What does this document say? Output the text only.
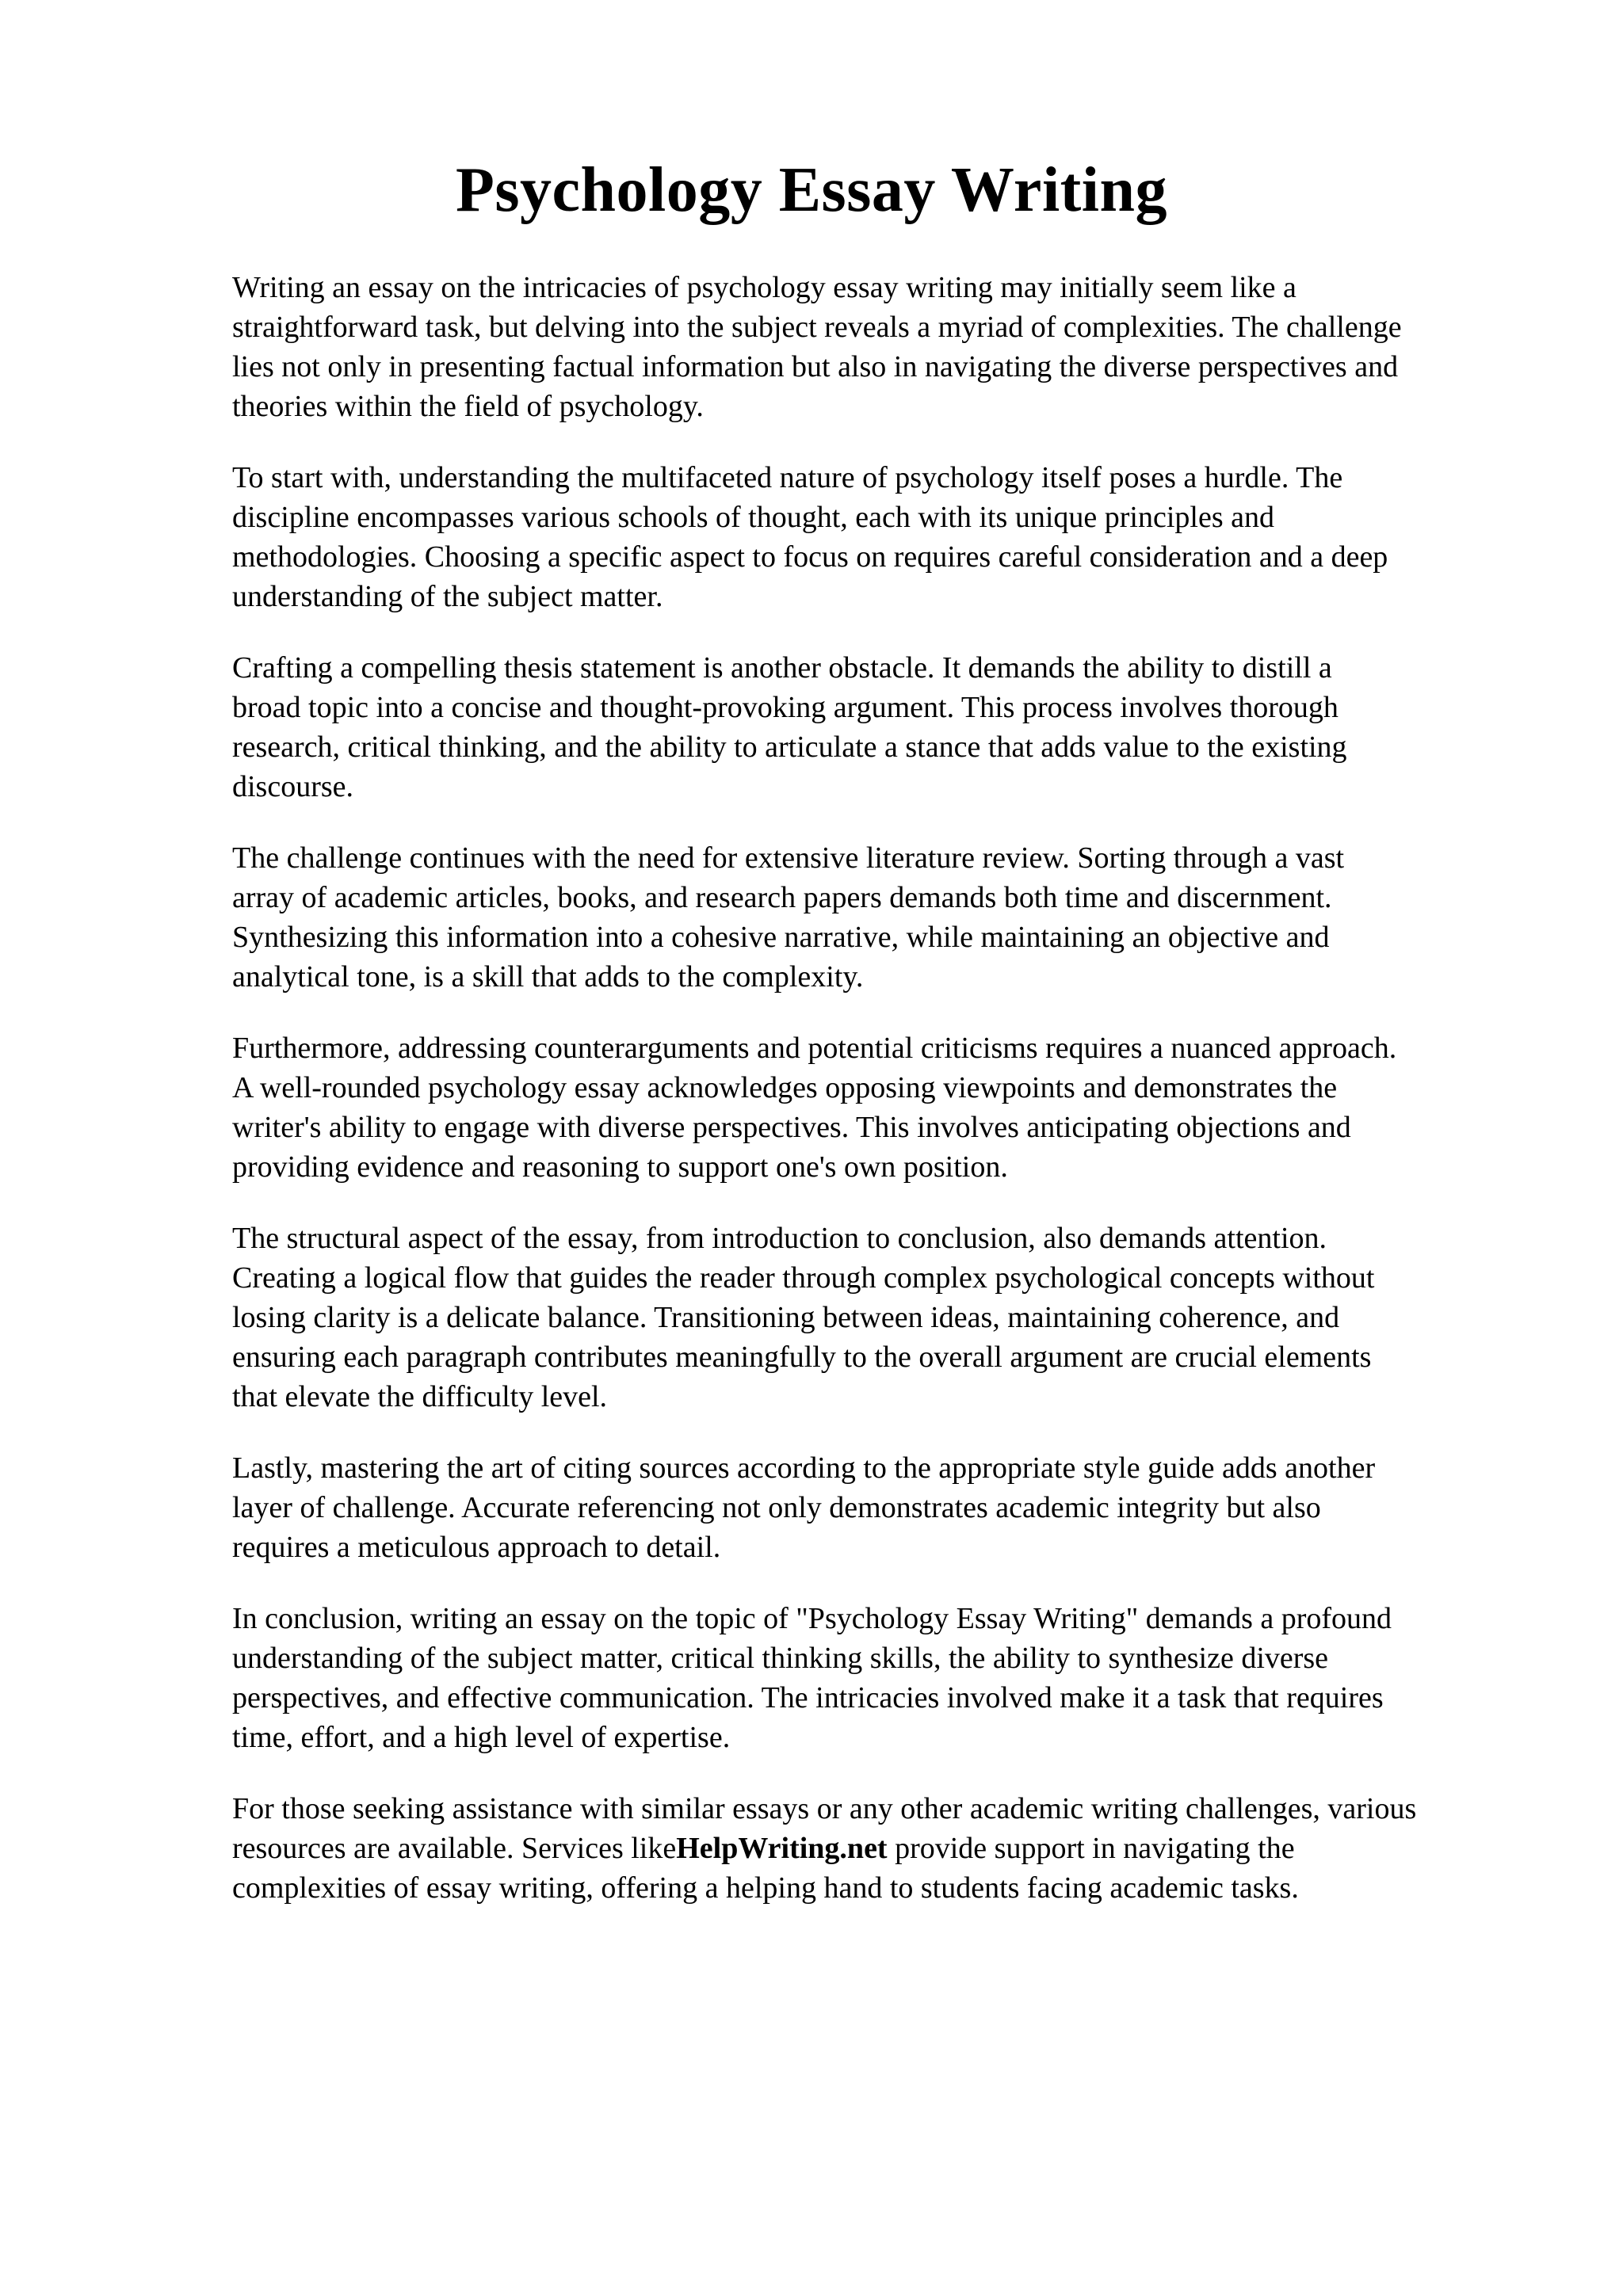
Psychology Essay Writing

Writing an essay on the intricacies of psychology essay writing may initially seem like a
straightforward task, but delving into the subject reveals a myriad of complexities. The challenge
lies not only in presenting factual information but also in navigating the diverse perspectives and
theories within the field of psychology.

To start with, understanding the multifaceted nature of psychology itself poses a hurdle. The
discipline encompasses various schools of thought, each with its unique principles and
methodologies. Choosing a specific aspect to focus on requires careful consideration and a deep
understanding of the subject matter.

Crafting a compelling thesis statement is another obstacle. It demands the ability to distill a
broad topic into a concise and thought-provoking argument. This process involves thorough
research, critical thinking, and the ability to articulate a stance that adds value to the existing
discourse.

The challenge continues with the need for extensive literature review. Sorting through a vast
array of academic articles, books, and research papers demands both time and discernment.
Synthesizing this information into a cohesive narrative, while maintaining an objective and
analytical tone, is a skill that adds to the complexity.

Furthermore, addressing counterarguments and potential criticisms requires a nuanced approach.
A well-rounded psychology essay acknowledges opposing viewpoints and demonstrates the
writer's ability to engage with diverse perspectives. This involves anticipating objections and
providing evidence and reasoning to support one's own position.

The structural aspect of the essay, from introduction to conclusion, also demands attention.
Creating a logical flow that guides the reader through complex psychological concepts without
losing clarity is a delicate balance. Transitioning between ideas, maintaining coherence, and
ensuring each paragraph contributes meaningfully to the overall argument are crucial elements
that elevate the difficulty level.

Lastly, mastering the art of citing sources according to the appropriate style guide adds another
layer of challenge. Accurate referencing not only demonstrates academic integrity but also
requires a meticulous approach to detail.

In conclusion, writing an essay on the topic of "Psychology Essay Writing" demands a profound
understanding of the subject matter, critical thinking skills, the ability to synthesize diverse
perspectives, and effective communication. The intricacies involved make it a task that requires
time, effort, and a high level of expertise.

For those seeking assistance with similar essays or any other academic writing challenges, various
resources are available. Services likeHelpWriting.net provide support in navigating the
complexities of essay writing, offering a helping hand to students facing academic tasks.
